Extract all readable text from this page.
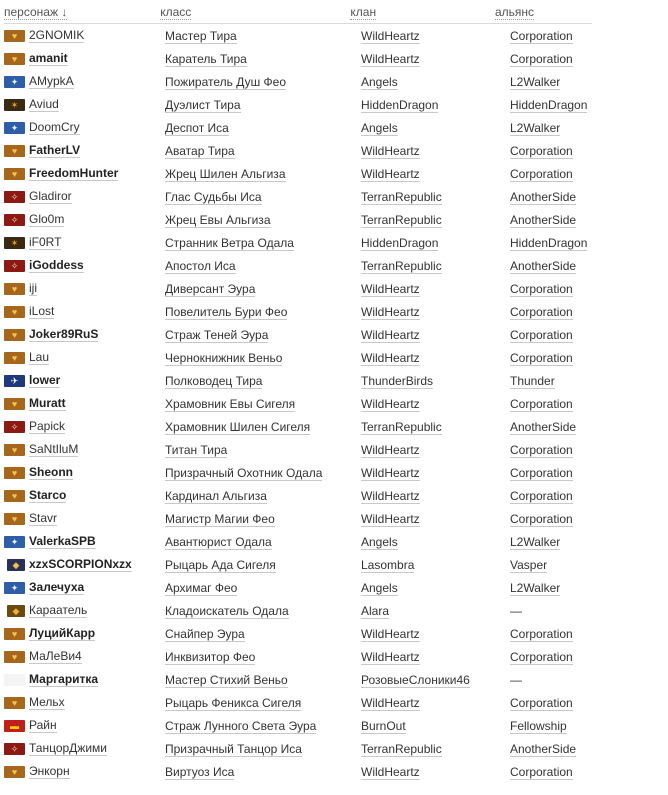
персонаж ↓	класс	клан	альянс
♥ 2GNOMIK	Мастер Тира	WildHeartz	Corporation
♥ amanit	Каратель Тира	WildHeartz	Corporation
✦ AMypkA	Пожиратель Душ Фео	Angels	L2Walker
✶ Aviud	Дуэлист Тира	HiddenDragon	HiddenDragon
✦ DoomCry	Деспот Иса	Angels	L2Walker
♥ FatherLV	Аватар Тира	WildHeartz	Corporation
♥ FreedomHunter	Жрец Шилен Альгиза	WildHeartz	Corporation
✧ Gladiror	Глас Судьбы Иса	TerranRepublic	AnotherSide
✧ Glo0m	Жрец Евы Альгиза	TerranRepublic	AnotherSide
✶ iF0RT	Странник Ветра Одала	HiddenDragon	HiddenDragon
✧ iGoddess	Апостол Иса	TerranRepublic	AnotherSide
♥ iji	Диверсант Эура	WildHeartz	Corporation
♥ iLost	Повелитель Бури Фео	WildHeartz	Corporation
♥ Joker89RuS	Страж Теней Эура	WildHeartz	Corporation
♥ Lau	Чернокнижник Веньо	WildHeartz	Corporation
✈ lower	Полководец Тира	ThunderBirds	Thunder
♥ Muratt	Храмовник Евы Сигеля	WildHeartz	Corporation
✧ Papick	Храмовник Шилен Сигеля	TerranRepublic	AnotherSide
♥ SaNtIluM	Титан Тира	WildHeartz	Corporation
♥ Sheonn	Призрачный Охотник Одала	WildHeartz	Corporation
♥ Starco	Кардинал Альгиза	WildHeartz	Corporation
♥ Stavr	Магистр Магии Фео	WildHeartz	Corporation
✦ ValerkaSPB	Авантюрист Одала	Angels	L2Walker
◆ xzxSCORPIONxzx	Рыцарь Ада Сигеля	Lasombra	Vasper
✦ Залечуха	Архимаг Фео	Angels	L2Walker
◆ Караатель	Кладоискатель Одала	Alara	—
♥ ЛуцийКарр	Снайпер Эура	WildHeartz	Corporation
♥ МаЛеВи4	Инквизитор Фео	WildHeartz	Corporation
Маргаритка	Мастер Стихий Веньо	РозовыеСлоники46	—
♥ Мельх	Рыцарь Феникса Сигеля	WildHeartz	Corporation
▬ Райн	Страж Лунного Света Эура	BurnOut	Fellowship
✧ ТанцорДжими	Призрачный Танцор Иса	TerranRepublic	AnotherSide
♥ Энкорн	Виртуоз Иса	WildHeartz	Corporation
